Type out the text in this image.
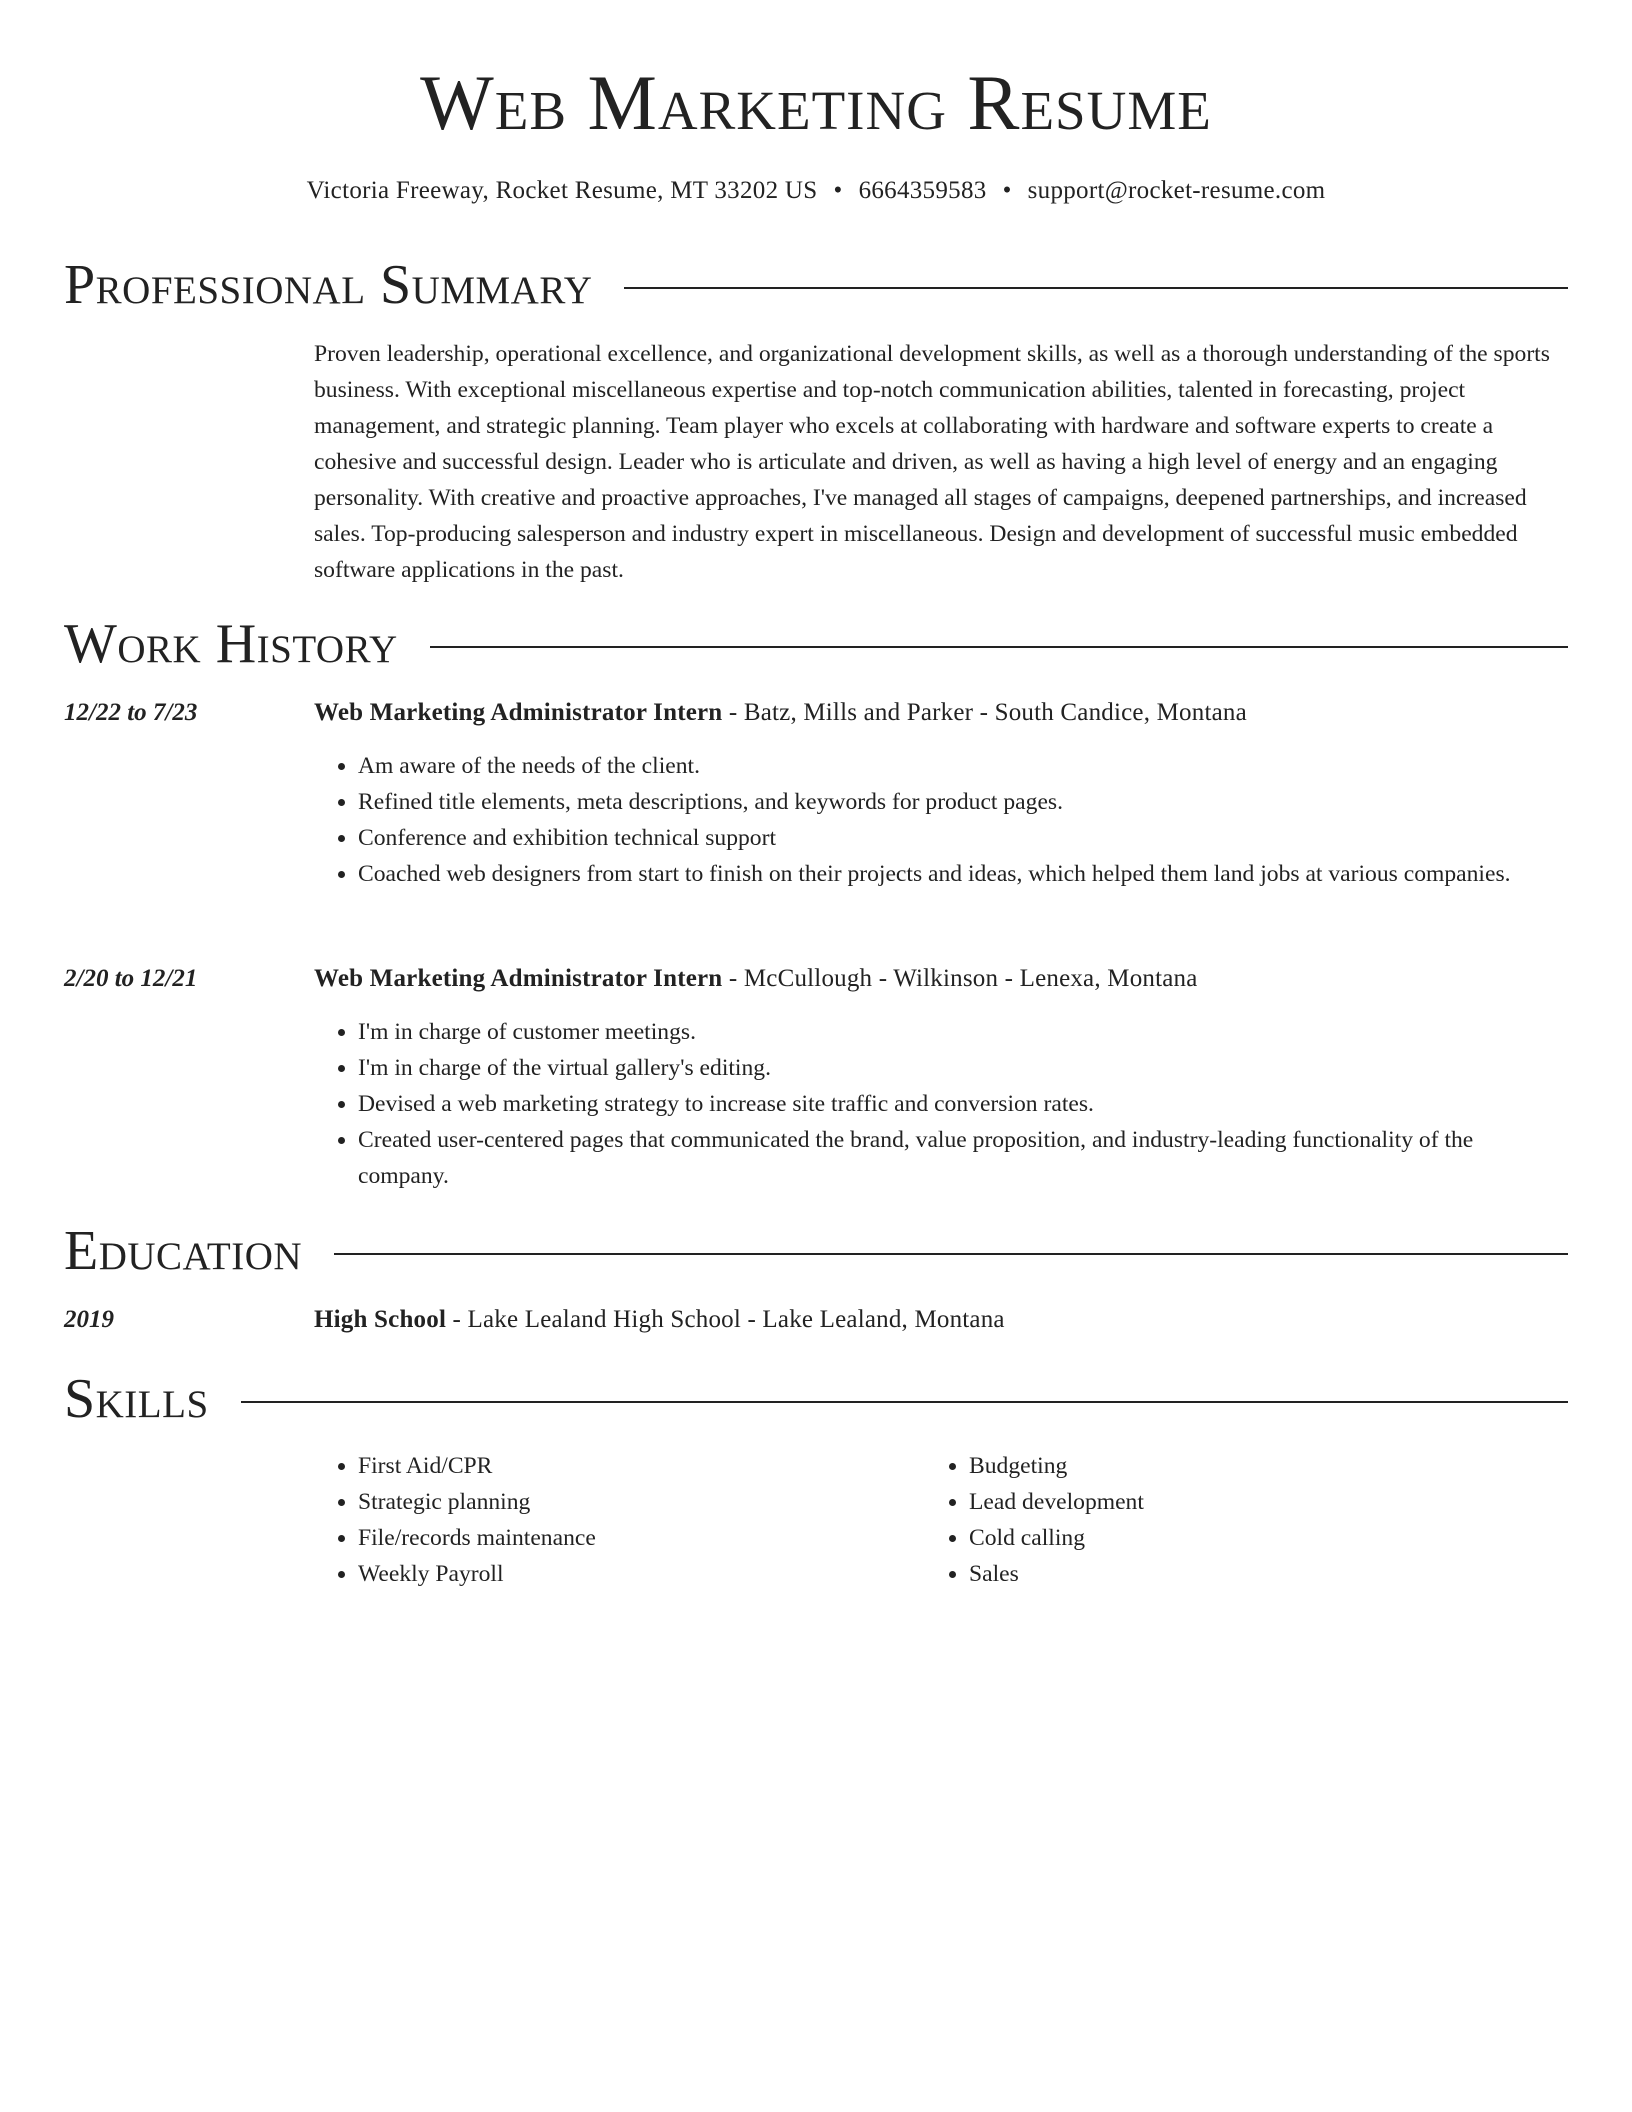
Web Marketing Resume
Victoria Freeway, Rocket Resume, MT 33202 US • 6664359583 • support@rocket-resume.com
Professional Summary

Proven leadership, operational excellence, and organizational development skills, as well as a thorough understanding of the sports business. With exceptional miscellaneous expertise and top-notch communication abilities, talented in forecasting, project management, and strategic planning. Team player who excels at collaborating with hardware and software experts to create a cohesive and successful design. Leader who is articulate and driven, as well as having a high level of energy and an engaging personality. With creative and proactive approaches, I've managed all stages of campaigns, deepened partnerships, and increased sales. Top-producing salesperson and industry expert in miscellaneous. Design and development of successful music embedded software applications in the past.

Work History
12/22 to 7/23	Web Marketing Administrator Intern - Batz, Mills and Parker - South Candice, Montana
• Am aware of the needs of the client.
• Refined title elements, meta descriptions, and keywords for product pages.
• Conference and exhibition technical support
• Coached web designers from start to finish on their projects and ideas, which helped them land jobs at various companies.
2/20 to 12/21	Web Marketing Administrator Intern - McCullough - Wilkinson - Lenexa, Montana
• I'm in charge of customer meetings.
• I'm in charge of the virtual gallery's editing.
• Devised a web marketing strategy to increase site traffic and conversion rates.
• Created user-centered pages that communicated the brand, value proposition, and industry-leading functionality of the company.
Education
2019	High School - Lake Lealand High School - Lake Lealand, Montana
Skills
• First Aid/CPR
• Strategic planning
• File/records maintenance
• Weekly Payroll
• Budgeting
• Lead development
• Cold calling
• Sales
